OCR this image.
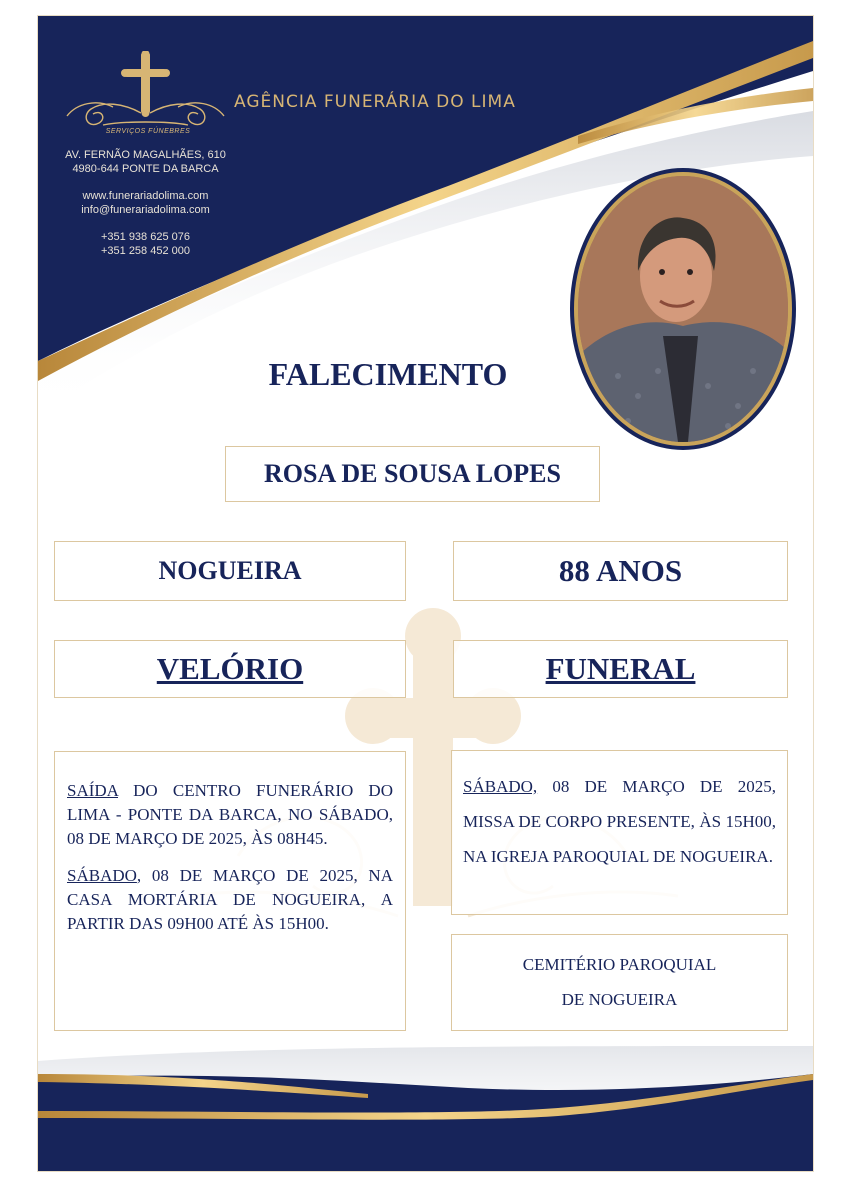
SERVIÇOS FÚNEBRES
AGÊNCIA FUNERÁRIA DO LIMA
AV. FERNÃO MAGALHÃES, 610
4980-644 PONTE DA BARCA
www.funerariadolima.com
info@funerariadolima.com
+351 938 625 076
+351 258 452 000
FALECIMENTO
ROSA DE SOUSA LOPES
NOGUEIRA	88 ANOS
VELÓRIO	FUNERAL

SAÍDA DO CENTRO FUNERÁRIO DO LIMA - PONTE DA BARCA, NO SÁBADO, 08 DE MARÇO DE 2025, ÀS 08H45.

SÁBADO, 08 DE MARÇO DE 2025, NA CASA MORTÁRIA DE NOGUEIRA, A PARTIR DAS 09H00 ATÉ ÀS 15H00.

SÁBADO, 08 DE MARÇO DE 2025, MISSA DE CORPO PRESENTE, ÀS 15H00, NA IGREJA PAROQUIAL DE NOGUEIRA.

CEMITÉRIO PAROQUIAL
DE NOGUEIRA
